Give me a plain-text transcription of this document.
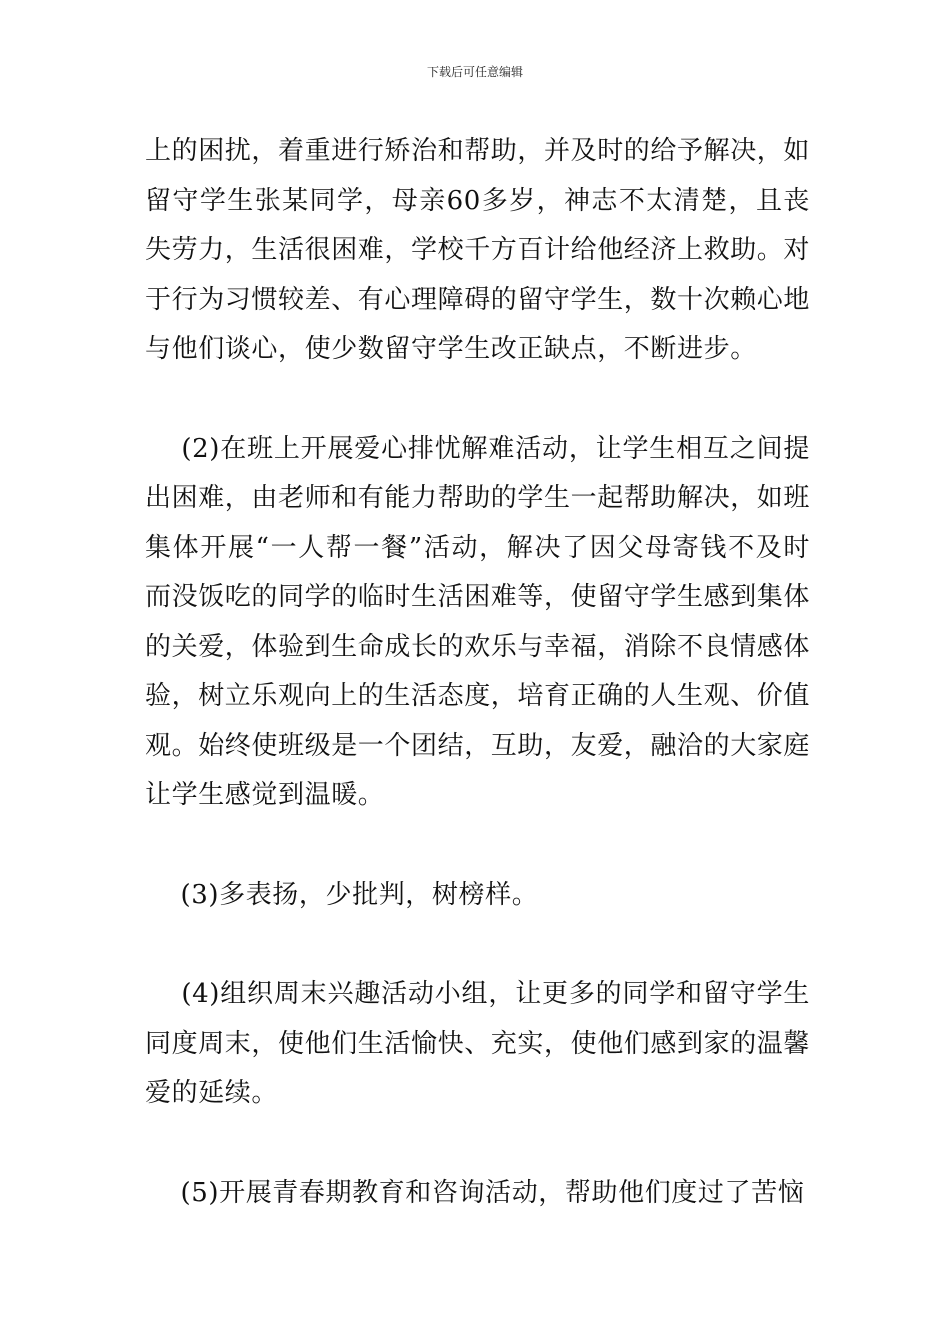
下载后可任意编辑

上的困扰，着重进行矫治和帮助，并及时的给予解决，如留守学生张某同学，母亲60多岁，神志不太清楚，且丧失劳力，生活很困难，学校千方百计给他经济上救助。对于行为习惯较差、有心理障碍的留守学生，数十次赖心地与他们谈心，使少数留守学生改正缺点，不断进步。

(2)在班上开展爱心排忧解难活动，让学生相互之间提出困难，由老师和有能力帮助的学生一起帮助解决，如班集体开展“一人帮一餐”活动，解决了因父母寄钱不及时而没饭吃的同学的临时生活困难等，使留守学生感到集体的关爱，体验到生命成长的欢乐与幸福，消除不良情感体验，树立乐观向上的生活态度，培育正确的人生观、价值观。始终使班级是一个团结，互助，友爱，融洽的大家庭让学生感觉到温暖。

(3)多表扬，少批判，树榜样。

(4)组织周末兴趣活动小组，让更多的同学和留守学生同度周末，使他们生活愉快、充实，使他们感到家的温馨爱的延续。

(5)开展青春期教育和咨询活动，帮助他们度过了苦恼
